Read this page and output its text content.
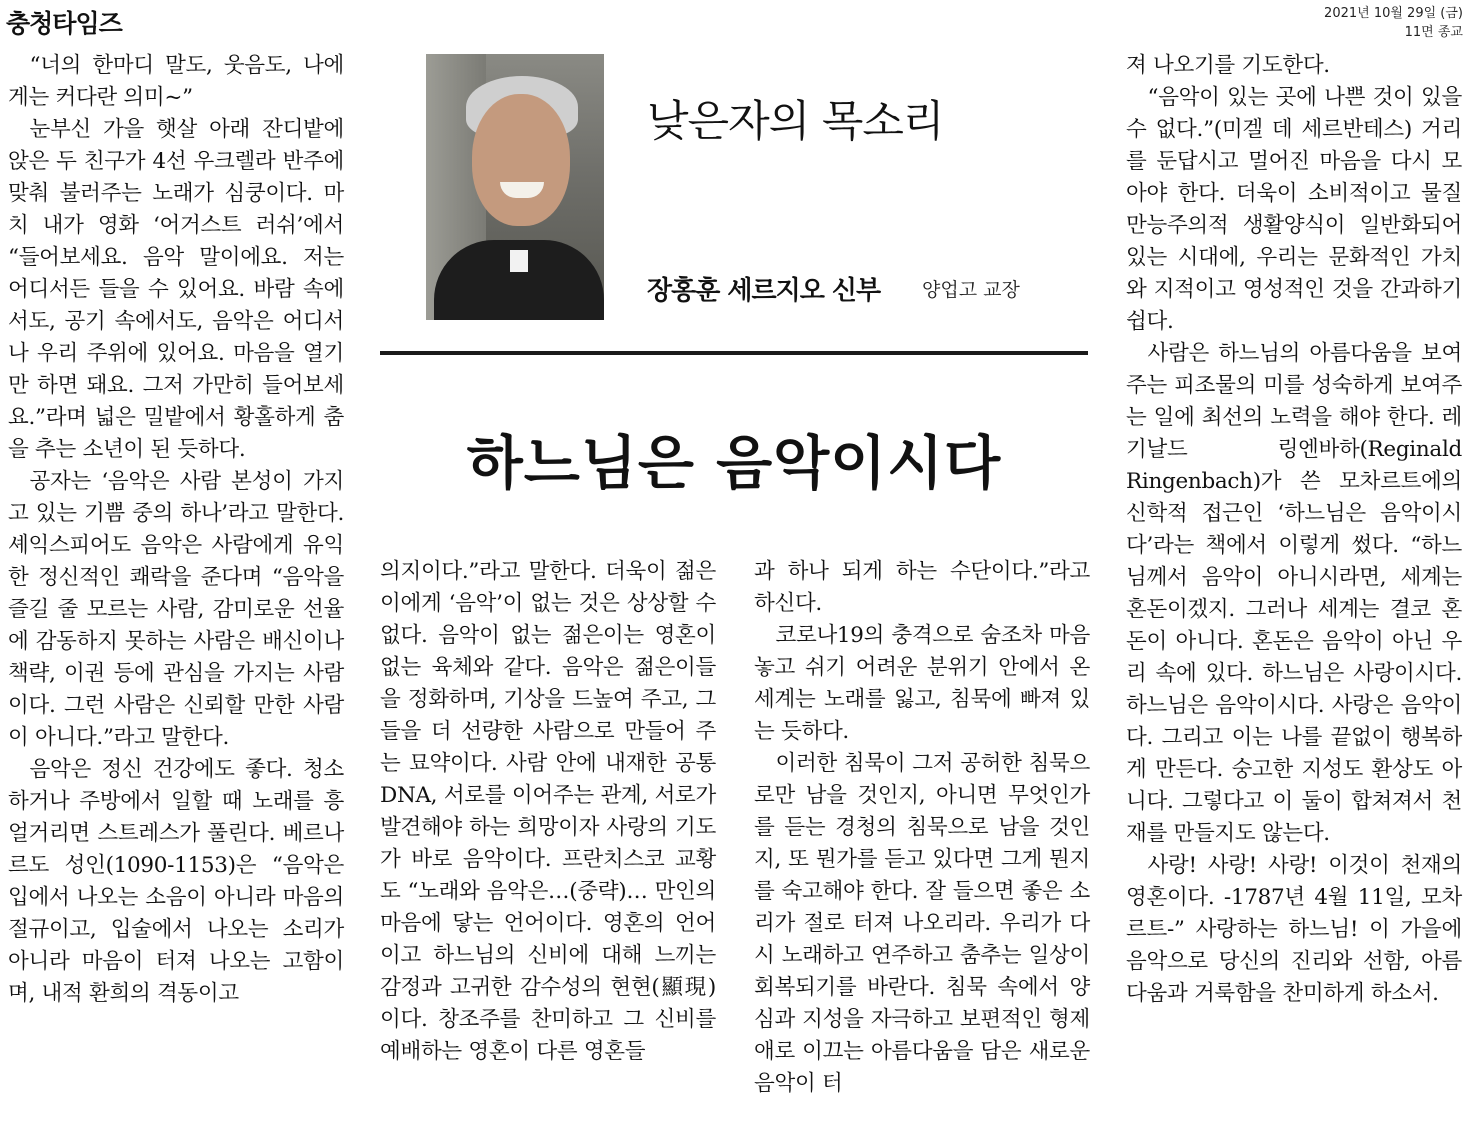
충청타임즈	2021년 10월 29일 (금)
11면 종교
낮은자의 목소리
장홍훈 세르지오 신부 양업고 교장
하느님은 음악이시다

“너의 한마디 말도, 웃음도, 나에게는 커다란 의미~”

눈부신 가을 햇살 아래 잔디밭에 앉은 두 친구가 4선 우크렐라 반주에 맞춰 불러주는 노래가 심쿵이다. 마치 내가 영화 ‘어거스트 러쉬’에서 “들어보세요. 음악 말이에요. 저는 어디서든 들을 수 있어요. 바람 속에서도, 공기 속에서도, 음악은 어디서나 우리 주위에 있어요. 마음을 열기만 하면 돼요. 그저 가만히 들어보세요.”라며 넓은 밀밭에서 황홀하게 춤을 추는 소년이 된 듯하다.

공자는 ‘음악은 사람 본성이 가지고 있는 기쁨 중의 하나’라고 말한다. 셰익스피어도 음악은 사람에게 유익한 정신적인 쾌락을 준다며 “음악을 즐길 줄 모르는 사람, 감미로운 선율에 감동하지 못하는 사람은 배신이나 책략, 이권 등에 관심을 가지는 사람이다. 그런 사람은 신뢰할 만한 사람이 아니다.”라고 말한다.

음악은 정신 건강에도 좋다. 청소하거나 주방에서 일할 때 노래를 흥얼거리면 스트레스가 풀린다. 베르나르도 성인(1090-1153)은 “음악은 입에서 나오는 소음이 아니라 마음의 절규이고, 입술에서 나오는 소리가 아니라 마음이 터져 나오는 고함이며, 내적 환희의 격동이고

의지이다.”라고 말한다. 더욱이 젊은이에게 ‘음악’이 없는 것은 상상할 수 없다. 음악이 없는 젊은이는 영혼이 없는 육체와 같다. 음악은 젊은이들을 정화하며, 기상을 드높여 주고, 그들을 더 선량한 사람으로 만들어 주는 묘약이다. 사람 안에 내재한 공통 DNA, 서로를 이어주는 관계, 서로가 발견해야 하는 희망이자 사랑의 기도가 바로 음악이다. 프란치스코 교황도 “노래와 음악은…(중략)… 만인의 마음에 닿는 언어이다. 영혼의 언어이고 하느님의 신비에 대해 느끼는 감정과 고귀한 감수성의 현현(顯現)이다. 창조주를 찬미하고 그 신비를 예배하는 영혼이 다른 영혼들

과 하나 되게 하는 수단이다.”라고 하신다.

코로나19의 충격으로 숨조차 마음 놓고 쉬기 어려운 분위기 안에서 온 세계는 노래를 잃고, 침묵에 빠져 있는 듯하다.

이러한 침묵이 그저 공허한 침묵으로만 남을 것인지, 아니면 무엇인가를 듣는 경청의 침묵으로 남을 것인지, 또 뭔가를 듣고 있다면 그게 뭔지를 숙고해야 한다. 잘 들으면 좋은 소리가 절로 터져 나오리라. 우리가 다시 노래하고 연주하고 춤추는 일상이 회복되기를 바란다. 침묵 속에서 양심과 지성을 자극하고 보편적인 형제애로 이끄는 아름다움을 담은 새로운 음악이 터

져 나오기를 기도한다.

“음악이 있는 곳에 나쁜 것이 있을 수 없다.”(미겔 데 세르반테스) 거리를 둔답시고 멀어진 마음을 다시 모아야 한다. 더욱이 소비적이고 물질 만능주의적 생활양식이 일반화되어 있는 시대에, 우리는 문화적인 가치와 지적이고 영성적인 것을 간과하기 쉽다.

사람은 하느님의 아름다움을 보여주는 피조물의 미를 성숙하게 보여주는 일에 최선의 노력을 해야 한다. 레기날드 링엔바하(Reginald Ringenbach)가 쓴 모차르트에의 신학적 접근인 ‘하느님은 음악이시다’라는 책에서 이렇게 썼다. “하느님께서 음악이 아니시라면, 세계는 혼돈이겠지. 그러나 세계는 결코 혼돈이 아니다. 혼돈은 음악이 아닌 우리 속에 있다. 하느님은 사랑이시다. 하느님은 음악이시다. 사랑은 음악이다. 그리고 이는 나를 끝없이 행복하게 만든다. 숭고한 지성도 환상도 아니다. 그렇다고 이 둘이 합쳐져서 천재를 만들지도 않는다.

사랑! 사랑! 사랑! 이것이 천재의 영혼이다. -1787년 4월 11일, 모차르트-” 사랑하는 하느님! 이 가을에 음악으로 당신의 진리와 선함, 아름다움과 거룩함을 찬미하게 하소서.
